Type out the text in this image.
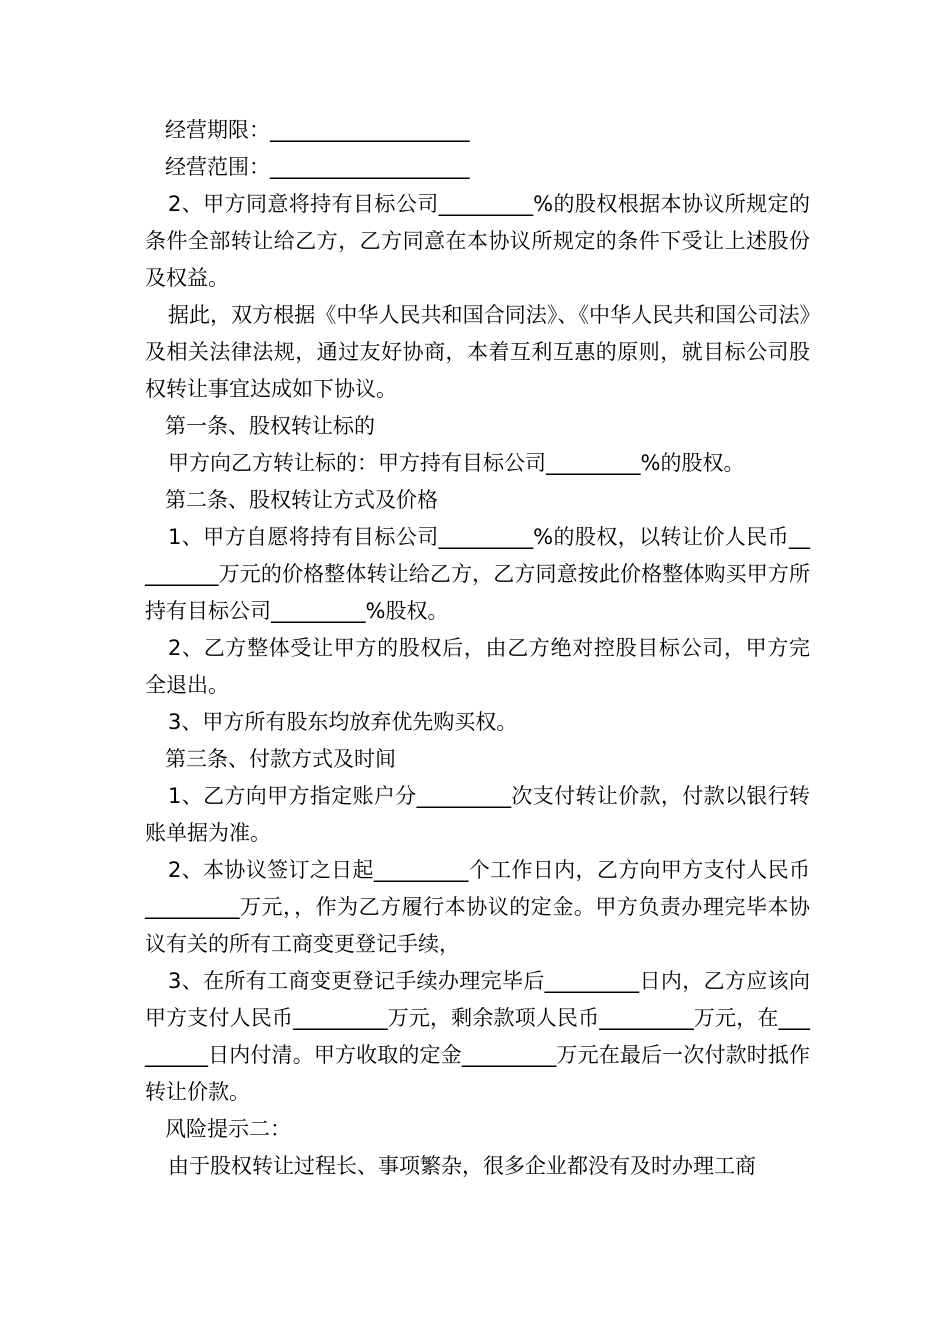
经营期限：___________________

经营范围：___________________

2、甲方同意将持有目标公司_________%的股权根据本协议所规定的条件全部转让给乙方，乙方同意在本协议所规定的条件下受让上述股份及权益。

据此，双方根据《中华人民共和国合同法》、《中华人民共和国公司法》及相关法律法规，通过友好协商，本着互利互惠的原则，就目标公司股权转让事宜达成如下协议。

第一条、股权转让标的

甲方向乙方转让标的：甲方持有目标公司_________%的股权。

第二条、股权转让方式及价格

1、甲方自愿将持有目标公司_________%的股权，以转让价人民币_________万元的价格整体转让给乙方，乙方同意按此价格整体购买甲方所持有目标公司_________%股权。

2、乙方整体受让甲方的股权后，由乙方绝对控股目标公司，甲方完全退出。

3、甲方所有股东均放弃优先购买权。

第三条、付款方式及时间

1、乙方向甲方指定账户分_________次支付转让价款，付款以银行转账单据为准。

2、本协议签订之日起_________个工作日内，乙方向甲方支付人民币_________万元，，作为乙方履行本协议的定金。甲方负责办理完毕本协议有关的所有工商变更登记手续，

3、在所有工商变更登记手续办理完毕后_________日内，乙方应该向甲方支付人民币_________万元，剩余款项人民币_________万元，在_________日内付清。甲方收取的定金_________万元在最后一次付款时抵作转让价款。

风险提示二：

由于股权转让过程长、事项繁杂，很多企业都没有及时办理工商
